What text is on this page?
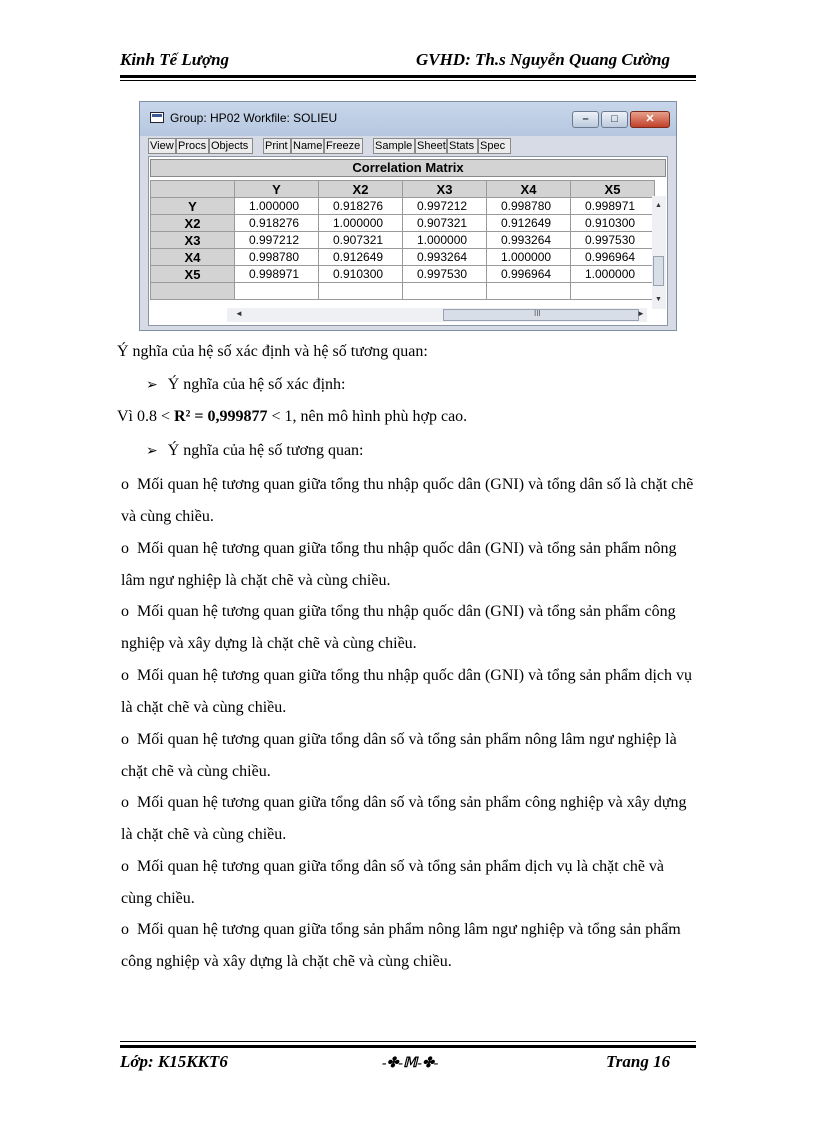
Kinh Tế Lượng	GVHD: Th.s Nguyễn Quang Cường
Group: HP02 Workfile: SOLIEU	–	□	✕
View Procs Objects	Print Name Freeze Sample Sheet Stats Spec
Correlation Matrix
	Y	X2	X3	X4	X5
Y	1.000000	0.918276	0.997212	0.998780	0.998971
X2	0.918276	1.000000	0.907321	0.912649	0.910300
X3	0.997212	0.907321	1.000000	0.993264	0.997530
X4	0.998780	0.912649	0.993264	1.000000	0.996964
X5	0.998971	0.910300	0.997530	0.996964	1.000000

▲
▼
◄	III	►
Ý nghĩa của hệ số xác định và hệ số tương quan:
➢ Ý nghĩa của hệ số xác định:
Vì 0.8 < R² = 0,999877 < 1, nên mô hình phù hợp cao.
➢ Ý nghĩa của hệ số tương quan:
o Mối quan hệ tương quan giữa tổng thu nhập quốc dân (GNI) và tổng dân số là chặt chẽ và cùng chiều.
o Mối quan hệ tương quan giữa tổng thu nhập quốc dân (GNI) và tổng sản phẩm nông lâm ngư nghiệp là chặt chẽ và cùng chiều.
o Mối quan hệ tương quan giữa tổng thu nhập quốc dân (GNI) và tổng sản phẩm công nghiệp và xây dựng là chặt chẽ và cùng chiều.
o Mối quan hệ tương quan giữa tổng thu nhập quốc dân (GNI) và tổng sản phẩm dịch vụ là chặt chẽ và cùng chiều.
o Mối quan hệ tương quan giữa tổng dân số và tổng sản phẩm nông lâm ngư nghiệp là chặt chẽ và cùng chiều.
o Mối quan hệ tương quan giữa tổng dân số và tổng sản phẩm công nghiệp và xây dựng là chặt chẽ và cùng chiều.
o Mối quan hệ tương quan giữa tổng dân số và tổng sản phẩm dịch vụ là chặt chẽ và cùng chiều.
o Mối quan hệ tương quan giữa tổng sản phẩm nông lâm ngư nghiệp và tổng sản phẩm công nghiệp và xây dựng là chặt chẽ và cùng chiều.
Lớp: K15KKT6	-✤-𝕄-✤-	Trang 16
